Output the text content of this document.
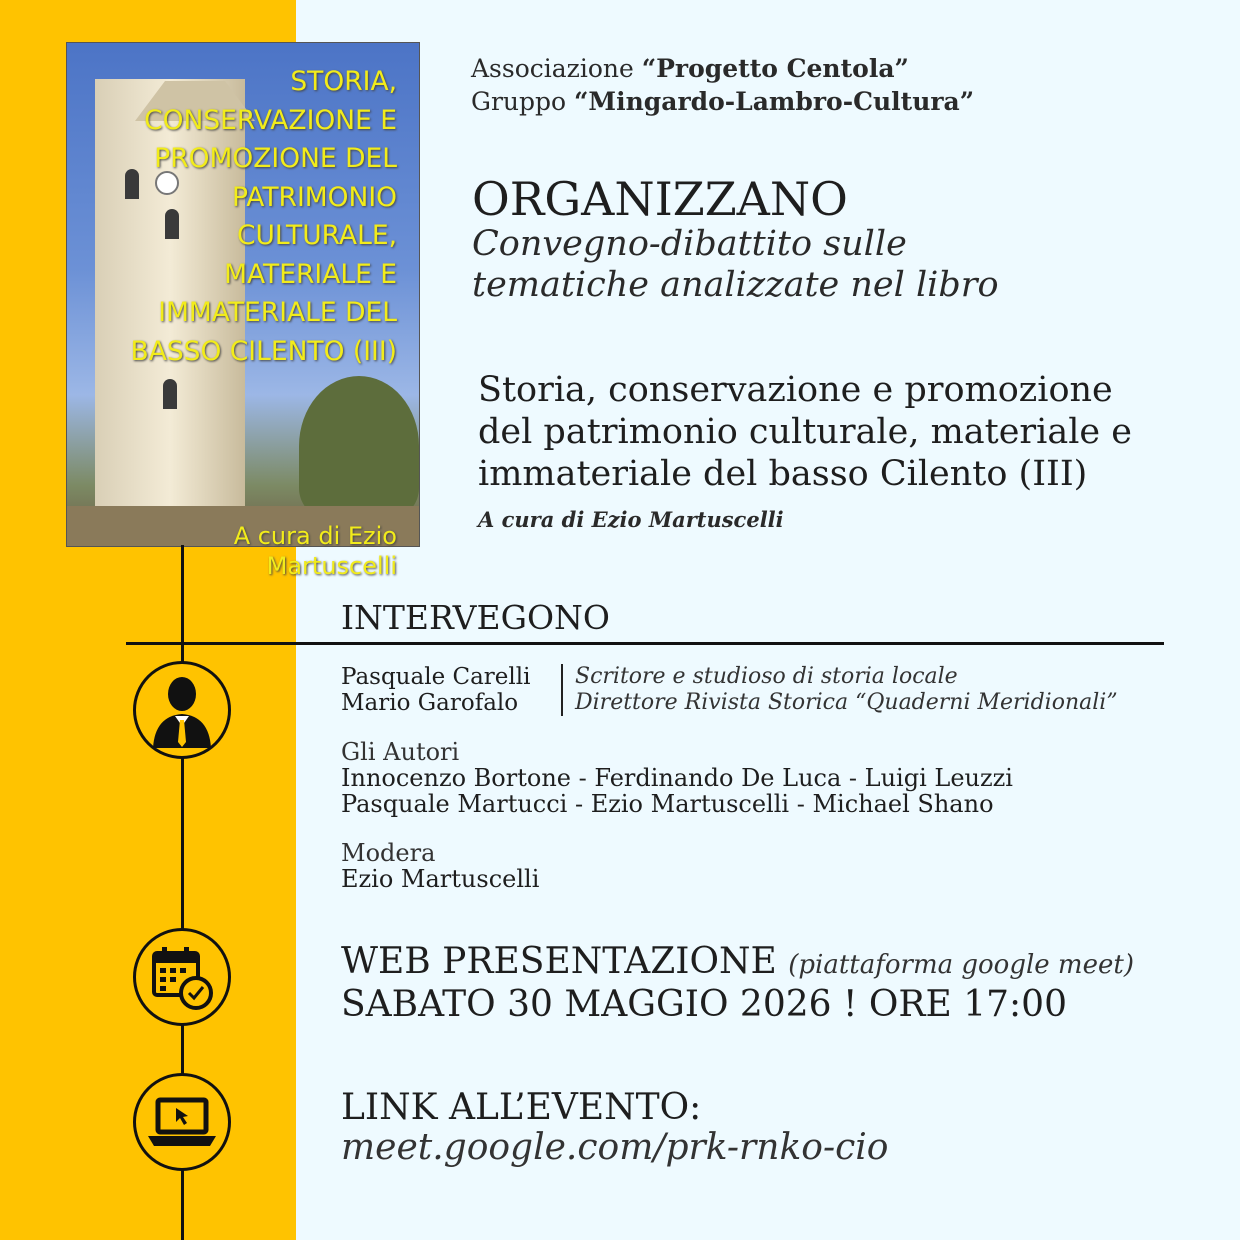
STORIA,
CONSERVAZIONE E
PROMOZIONE DEL
PATRIMONIO
CULTURALE,
MATERIALE E
IMMATERIALE DEL
BASSO CILENTO (III)
A cura di Ezio
Martuscelli
Associazione “Progetto Centola”
Gruppo “Mingardo-Lambro-Cultura”
ORGANIZZANO
Convegno-dibattito sulle
tematiche analizzate nel libro
Storia, conservazione e promozione
del patrimonio culturale, materiale e
immateriale del basso Cilento (III)
A cura di Ezio Martuscelli
INTERVEGONO
Pasquale Carelli	Scritore e studioso di storia locale
Mario Garofalo	Direttore Rivista Storica “Quaderni Meridionali”
Gli Autori
Innocenzo Bortone - Ferdinando De Luca - Luigi Leuzzi
Pasquale Martucci - Ezio Martuscelli - Michael Shano
Modera
Ezio Martuscelli
WEB PRESENTAZIONE (piattaforma google meet)
SABATO 30 MAGGIO 2026 ! ORE 17:00
LINK ALL’EVENTO:
meet.google.com/prk-rnko-cio
